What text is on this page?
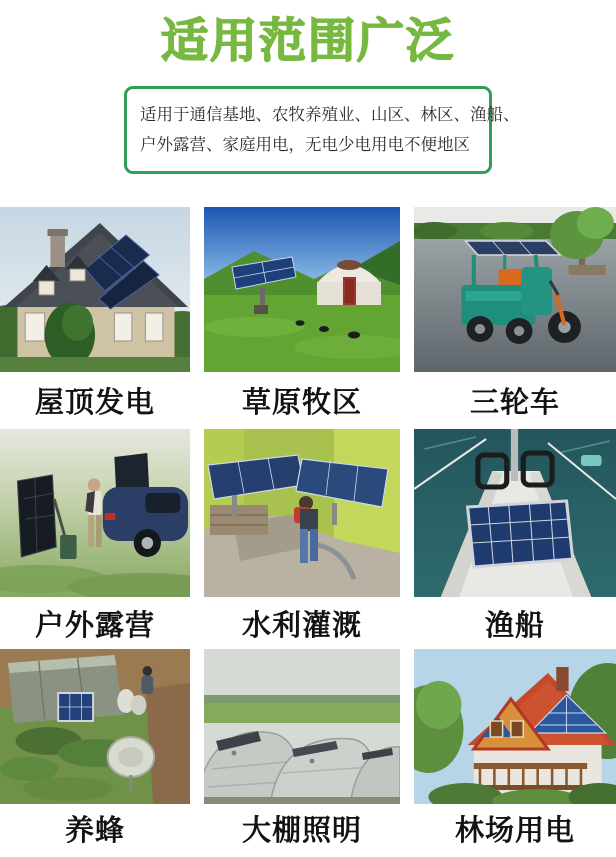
适用范围广泛
适用于通信基地、农牧养殖业、山区、林区、渔船、
户外露营、家庭用电，无电少电用电不便地区
屋顶发电	草原牧区	三轮车
户外露营	水利灌溉	渔船
养蜂	大棚照明	林场用电
